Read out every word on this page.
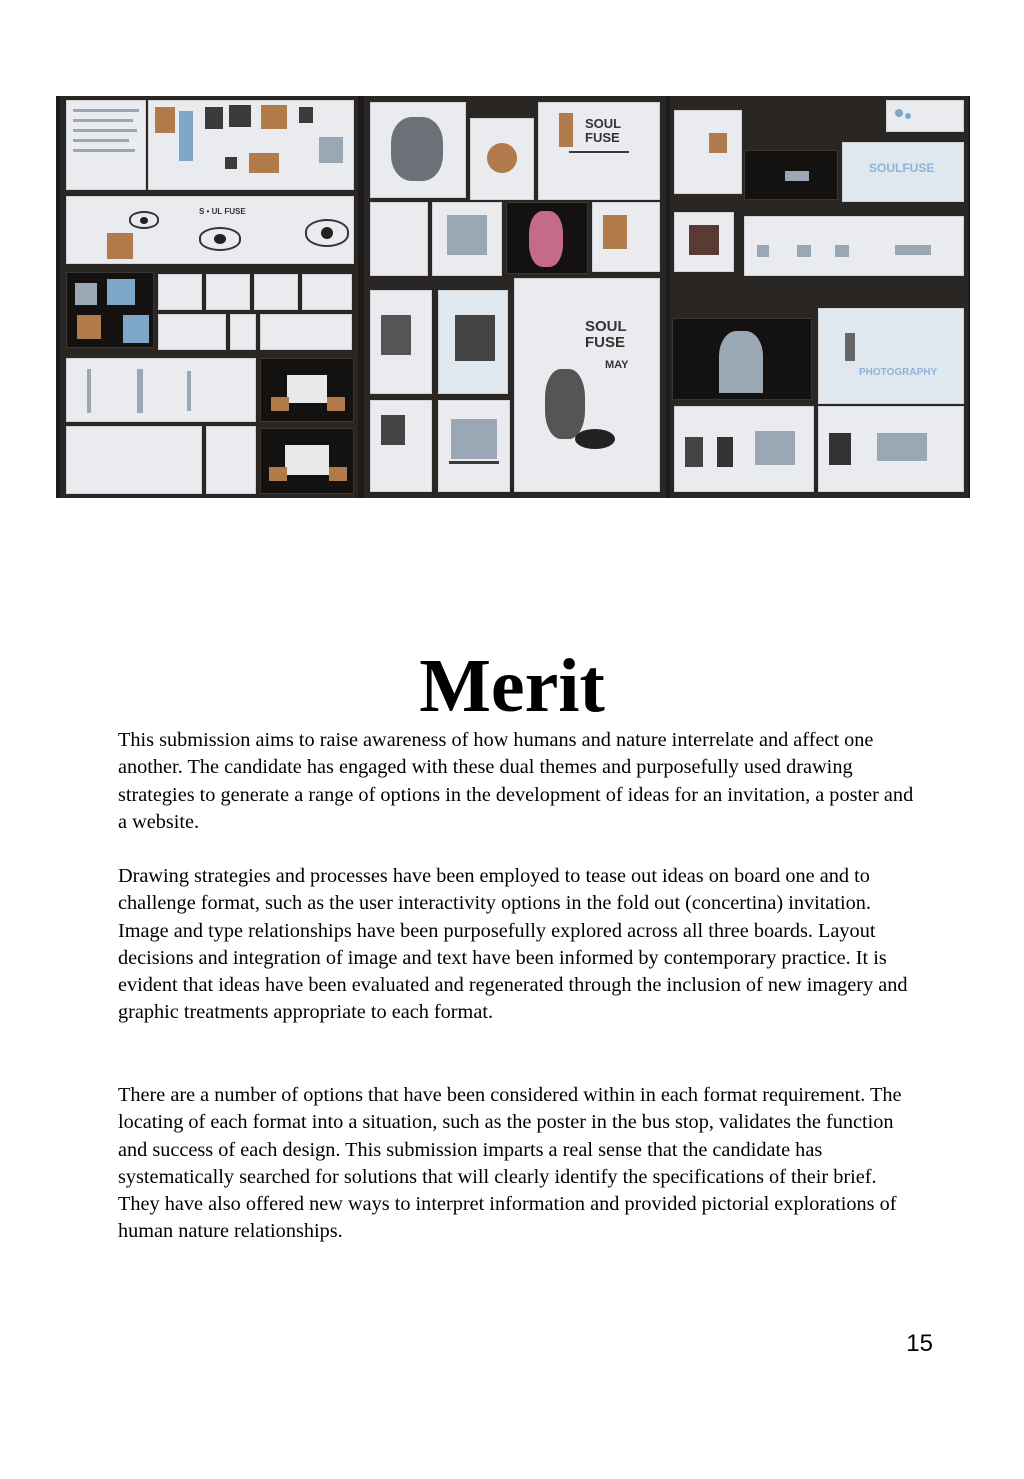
S • UL FUSE
SOUL FUSE
SOUL FUSE
MAY
SOULFUSE
PHOTOGRAPHY
Merit

This submission aims to raise awareness of how humans and nature interrelate and affect one another. The candidate has engaged with these dual themes and purposefully used drawing strategies to generate a range of options in the development of ideas for an invitation, a poster and a website.

Drawing strategies and processes have been employed to tease out ideas on board one and to challenge format, such as the user interactivity options in the fold out (concertina) invitation. Image and type relationships have been purposefully explored across all three boards. Layout decisions and integration of image and text have been informed by contemporary practice. It is evident that ideas have been evaluated and regenerated through the inclusion of new imagery and graphic treatments appropriate to each format.

There are a number of options that have been considered within in each format requirement. The locating of each format into a situation, such as the poster in the bus stop, validates the function and success of each design. This submission imparts a real sense that the candidate has systematically searched for solutions that will clearly identify the specifications of their brief. They have also offered new ways to interpret information and provided pictorial explorations of human nature relationships.

15
